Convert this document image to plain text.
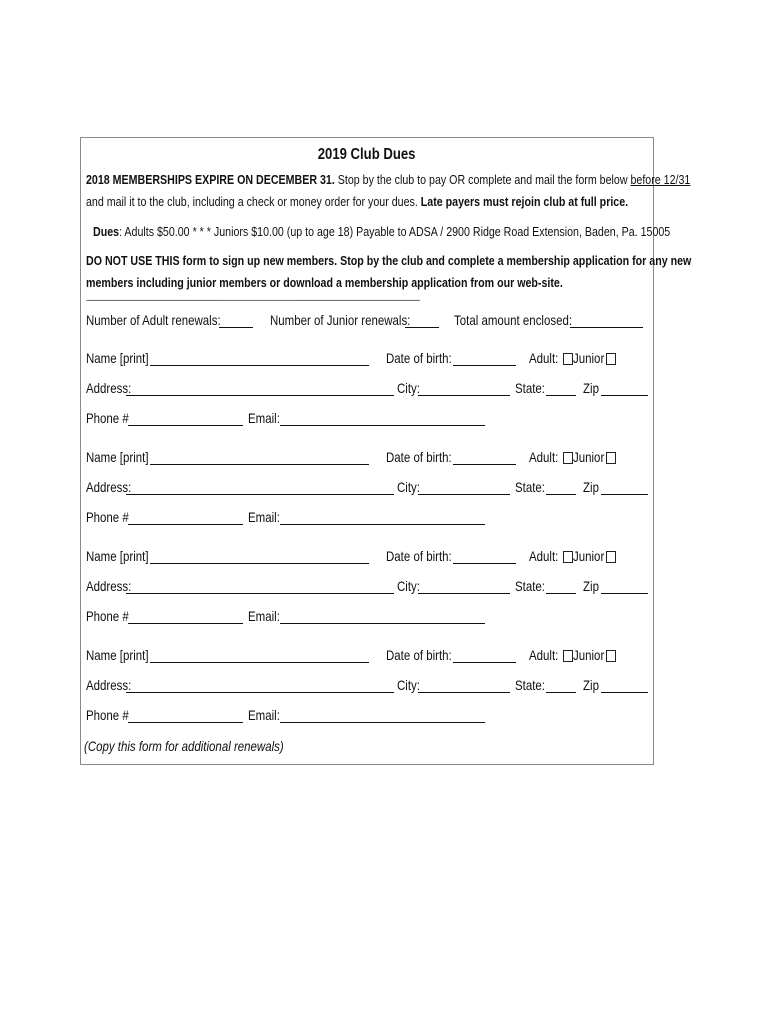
2019 Club Dues
2018 MEMBERSHIPS EXPIRE ON DECEMBER 31. Stop by the club to pay OR complete and mail the form below before 12/31
and mail it to the club, including a check or money order for your dues. Late payers must rejoin club at full price.
Dues: Adults $50.00 * * * Juniors $10.00 (up to age 18) Payable to ADSA / 2900 Ridge Road Extension, Baden, Pa. 15005
DO NOT USE THIS form to sign up new members. Stop by the club and complete a membership application for any new
members including junior members or download a membership application from our web-site.
-----------------------------------------------------------------------------------------------------------------------------------------------------------------------
Number of Adult renewals:	Number of Junior renewals:	Total amount enclosed:
Name [print]	Date of birth:	Adult:	Junior
Address:	City:	State:	Zip
Phone #	Email:
Name [print]	Date of birth:	Adult:	Junior
Address:	City:	State:	Zip
Phone #	Email:
Name [print]	Date of birth:	Adult:	Junior
Address:	City:	State:	Zip
Phone #	Email:
Name [print]	Date of birth:	Adult:	Junior
Address:	City:	State:	Zip
Phone #	Email:
(Copy this form for additional renewals)
